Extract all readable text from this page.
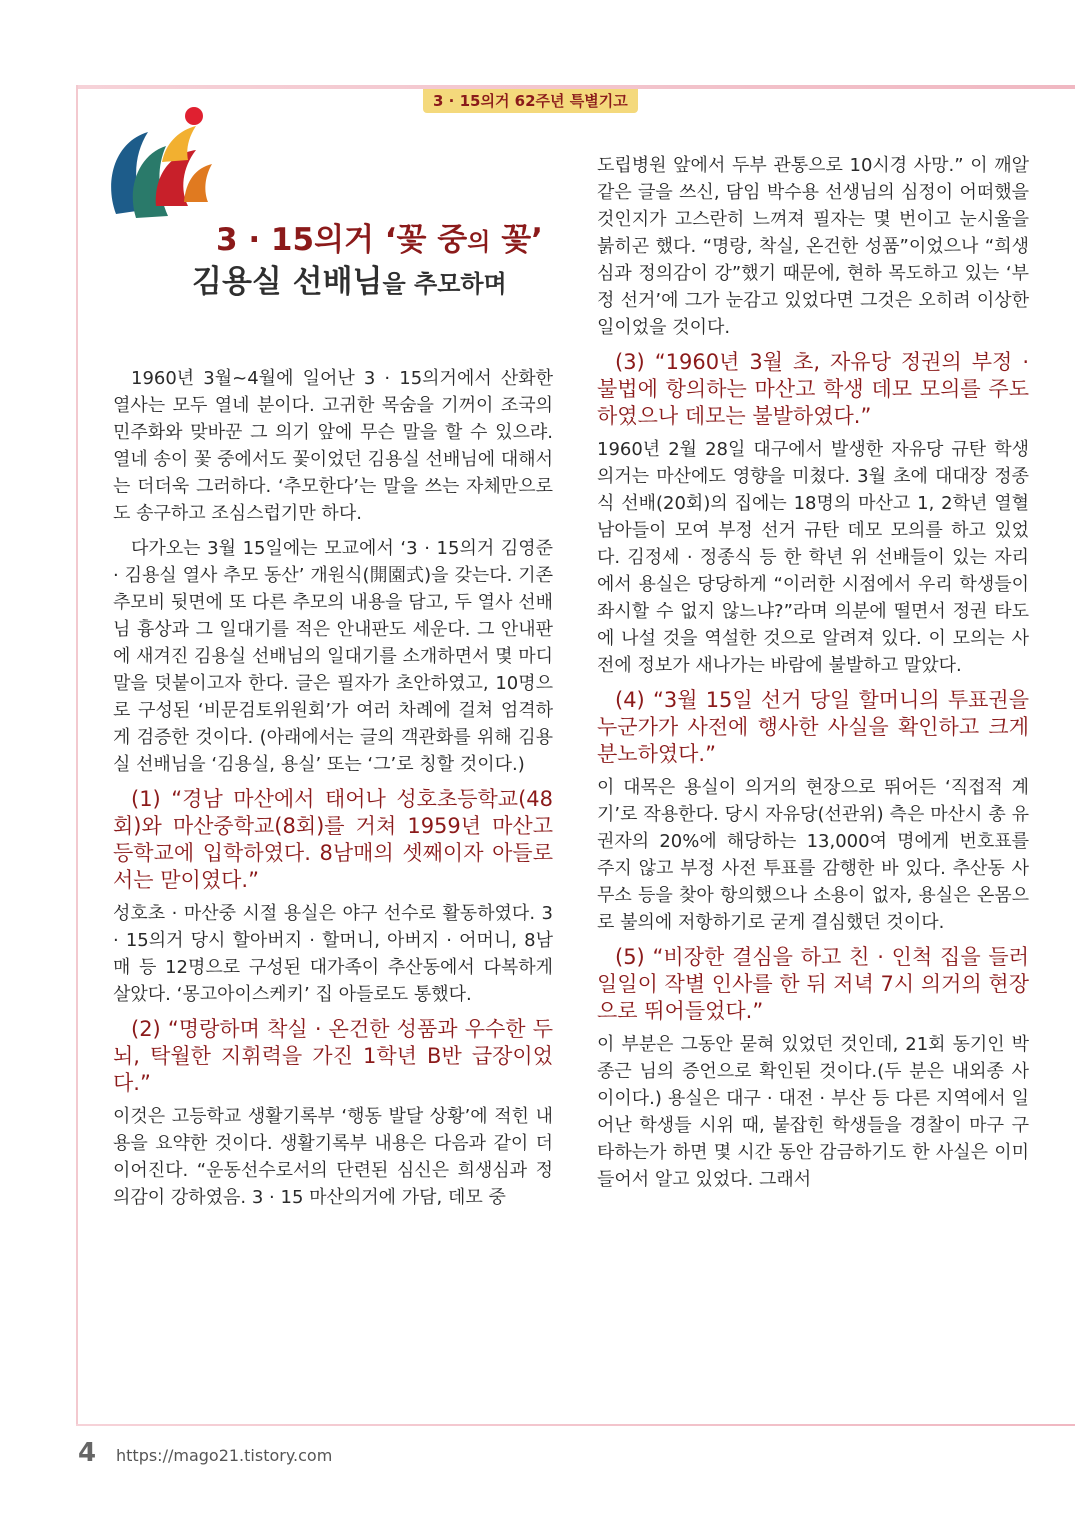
3 · 15의거 62주년 특별기고
3 · 15의거 ‘꽃 중의 꽃’
김용실 선배님을 추모하며

1960년 3월~4월에 일어난 3 · 15의거에서 산화한 열사는 모두 열네 분이다. 고귀한 목숨을 기꺼이 조국의 민주화와 맞바꾼 그 의기 앞에 무슨 말을 할 수 있으랴. 열네 송이 꽃 중에서도 꽃이었던 김용실 선배님에 대해서는 더더욱 그러하다. ‘추모한다’는 말을 쓰는 자체만으로도 송구하고 조심스럽기만 하다.

다가오는 3월 15일에는 모교에서 ‘3 · 15의거 김영준 · 김용실 열사 추모 동산’ 개원식(開園式)을 갖는다. 기존 추모비 뒷면에 또 다른 추모의 내용을 담고, 두 열사 선배님 흉상과 그 일대기를 적은 안내판도 세운다. 그 안내판에 새겨진 김용실 선배님의 일대기를 소개하면서 몇 마디 말을 덧붙이고자 한다. 글은 필자가 초안하였고, 10명으로 구성된 ‘비문검토위원회’가 여러 차례에 걸쳐 엄격하게 검증한 것이다. (아래에서는 글의 객관화를 위해 김용실 선배님을 ‘김용실, 용실’ 또는 ‘그’로 칭할 것이다.)

(1) “경남 마산에서 태어나 성호초등학교(48회)와 마산중학교(8회)를 거쳐 1959년 마산고등학교에 입학하였다. 8남매의 셋째이자 아들로서는 맏이였다.”

성호초 · 마산중 시절 용실은 야구 선수로 활동하였다. 3 · 15의거 당시 할아버지 · 할머니, 아버지 · 어머니, 8남매 등 12명으로 구성된 대가족이 추산동에서 다복하게 살았다. ‘몽고아이스케키’ 집 아들로도 통했다.

(2) “명랑하며 착실 · 온건한 성품과 우수한 두뇌, 탁월한 지휘력을 가진 1학년 B반 급장이었다.”

이것은 고등학교 생활기록부 ‘행동 발달 상황’에 적힌 내용을 요약한 것이다. 생활기록부 내용은 다음과 같이 더 이어진다. “운동선수로서의 단련된 심신은 희생심과 정의감이 강하였음. 3 · 15 마산의거에 가담, 데모 중

도립병원 앞에서 두부 관통으로 10시경 사망.” 이 깨알 같은 글을 쓰신, 담임 박수용 선생님의 심정이 어떠했을 것인지가 고스란히 느껴져 필자는 몇 번이고 눈시울을 붉히곤 했다. “명랑, 착실, 온건한 성품”이었으나 “희생심과 정의감이 강”했기 때문에, 현하 목도하고 있는 ‘부정 선거’에 그가 눈감고 있었다면 그것은 오히려 이상한 일이었을 것이다.

(3) “1960년 3월 초, 자유당 정권의 부정 · 불법에 항의하는 마산고 학생 데모 모의를 주도하였으나 데모는 불발하였다.”

1960년 2월 28일 대구에서 발생한 자유당 규탄 학생 의거는 마산에도 영향을 미쳤다. 3월 초에 대대장 정종식 선배(20회)의 집에는 18명의 마산고 1, 2학년 열혈남아들이 모여 부정 선거 규탄 데모 모의를 하고 있었다. 김정세 · 정종식 등 한 학년 위 선배들이 있는 자리에서 용실은 당당하게 “이러한 시점에서 우리 학생들이 좌시할 수 없지 않느냐?”라며 의분에 떨면서 정권 타도에 나설 것을 역설한 것으로 알려져 있다. 이 모의는 사전에 정보가 새나가는 바람에 불발하고 말았다.

(4) “3월 15일 선거 당일 할머니의 투표권을 누군가가 사전에 행사한 사실을 확인하고 크게 분노하였다.”

이 대목은 용실이 의거의 현장으로 뛰어든 ‘직접적 계기’로 작용한다. 당시 자유당(선관위) 측은 마산시 총 유권자의 20%에 해당하는 13,000여 명에게 번호표를 주지 않고 부정 사전 투표를 감행한 바 있다. 추산동 사무소 등을 찾아 항의했으나 소용이 없자, 용실은 온몸으로 불의에 저항하기로 굳게 결심했던 것이다.

(5) “비장한 결심을 하고 친 · 인척 집을 들러 일일이 작별 인사를 한 뒤 저녁 7시 의거의 현장으로 뛰어들었다.”

이 부분은 그동안 묻혀 있었던 것인데, 21회 동기인 박종근 님의 증언으로 확인된 것이다.(두 분은 내외종 사이이다.) 용실은 대구 · 대전 · 부산 등 다른 지역에서 일어난 학생들 시위 때, 붙잡힌 학생들을 경찰이 마구 구타하는가 하면 몇 시간 동안 감금하기도 한 사실은 이미 들어서 알고 있었다. 그래서

4 https://mago21.tistory.com
